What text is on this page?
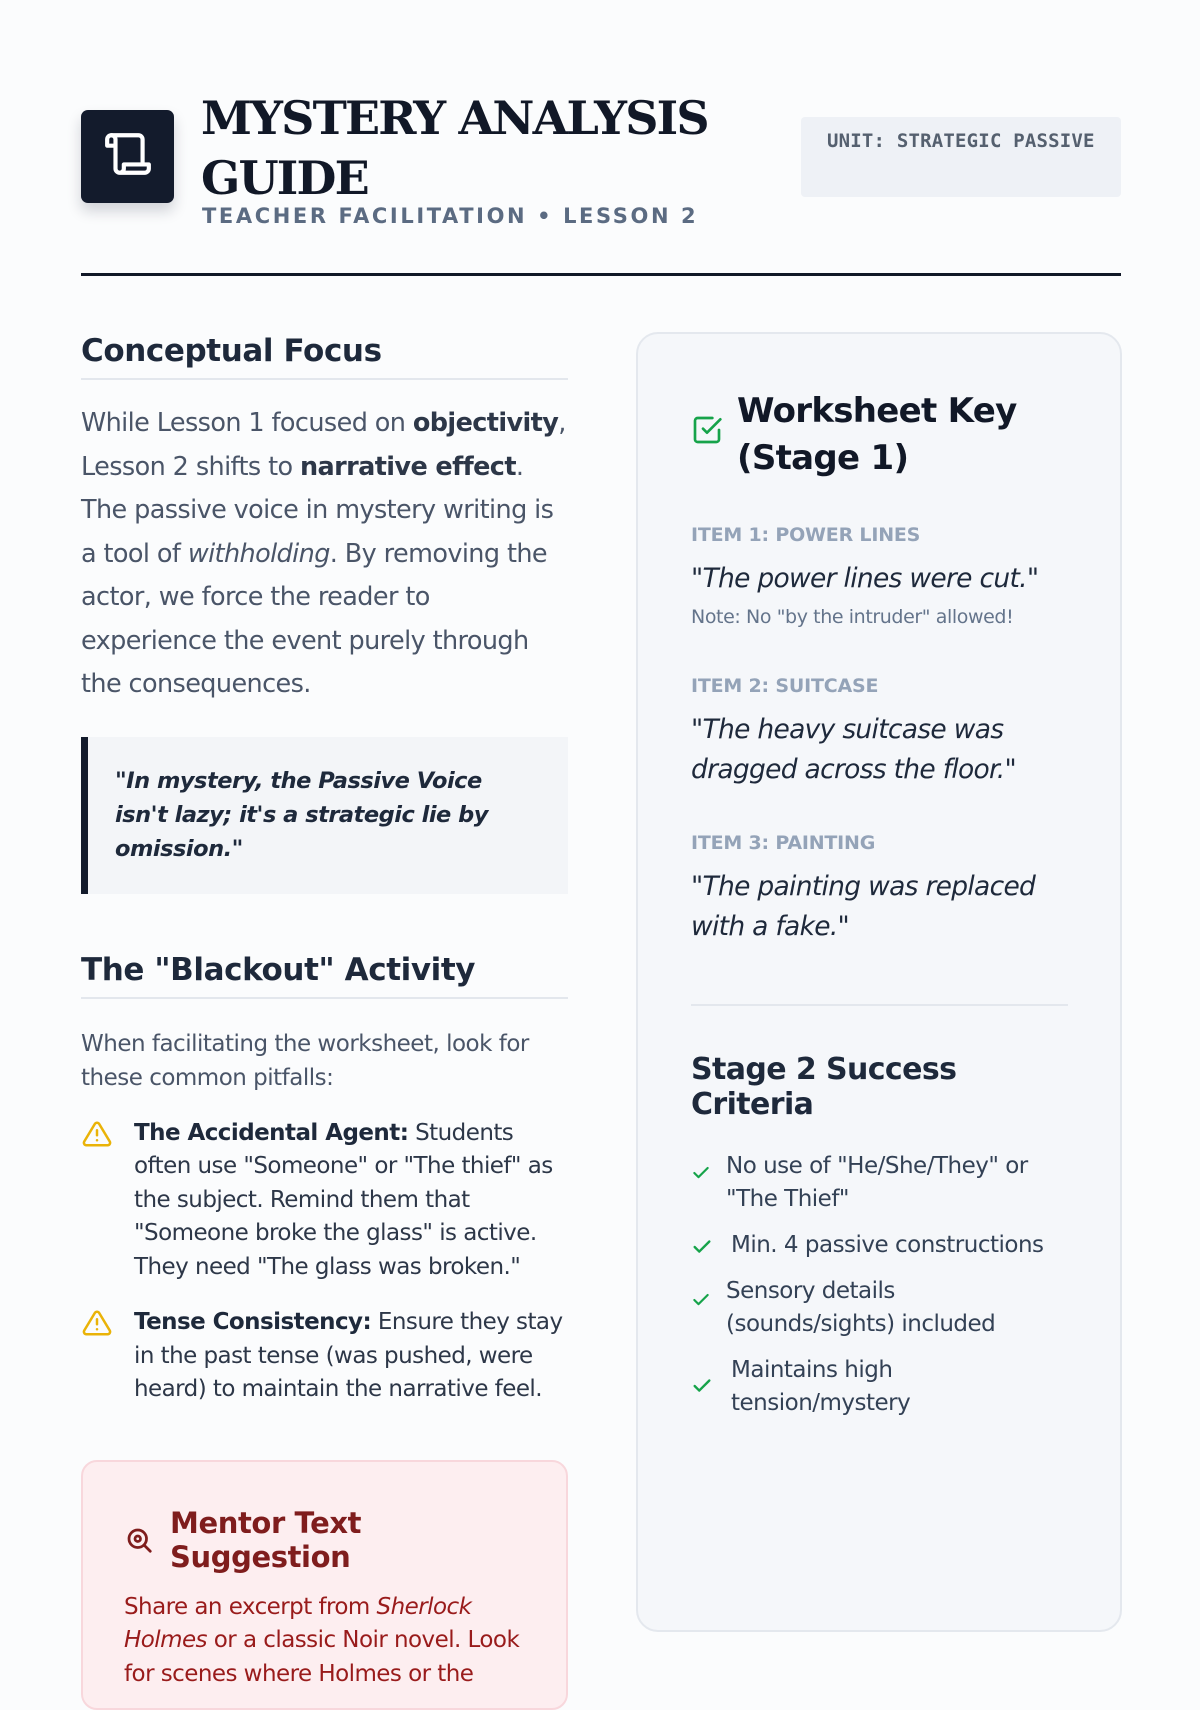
MYSTERY ANALYSIS GUIDE
TEACHER FACILITATION • LESSON 2
UNIT: STRATEGIC PASSIVE
Conceptual Focus

While Lesson 1 focused on objectivity, Lesson 2 shifts to narrative effect. The passive voice in mystery writing is a tool of withholding. By removing the actor, we force the reader to experience the event purely through the consequences.

"In mystery, the Passive Voice isn't lazy; it's a strategic lie by omission."
The "Blackout" Activity

When facilitating the worksheet, look for these common pitfalls:

The Accidental Agent: Students often use "Someone" or "The thief" as the subject. Remind them that "Someone broke the glass" is active. They need "The glass was broken."
Tense Consistency: Ensure they stay in the past tense (was pushed, were heard) to maintain the narrative feel.
Mentor Text Suggestion

Share an excerpt from Sherlock Holmes or a classic Noir novel. Look for scenes where Holmes or the

Worksheet Key (Stage 1)
ITEM 1: POWER LINES
"The power lines were cut."
Note: No "by the intruder" allowed!
ITEM 2: SUITCASE
"The heavy suitcase was dragged across the floor."
ITEM 3: PAINTING
"The painting was replaced with a fake."
Stage 2 Success Criteria
No use of "He/She/They" or "The Thief"
Min. 4 passive constructions
Sensory details (sounds/sights) included
Maintains high tension/mystery
